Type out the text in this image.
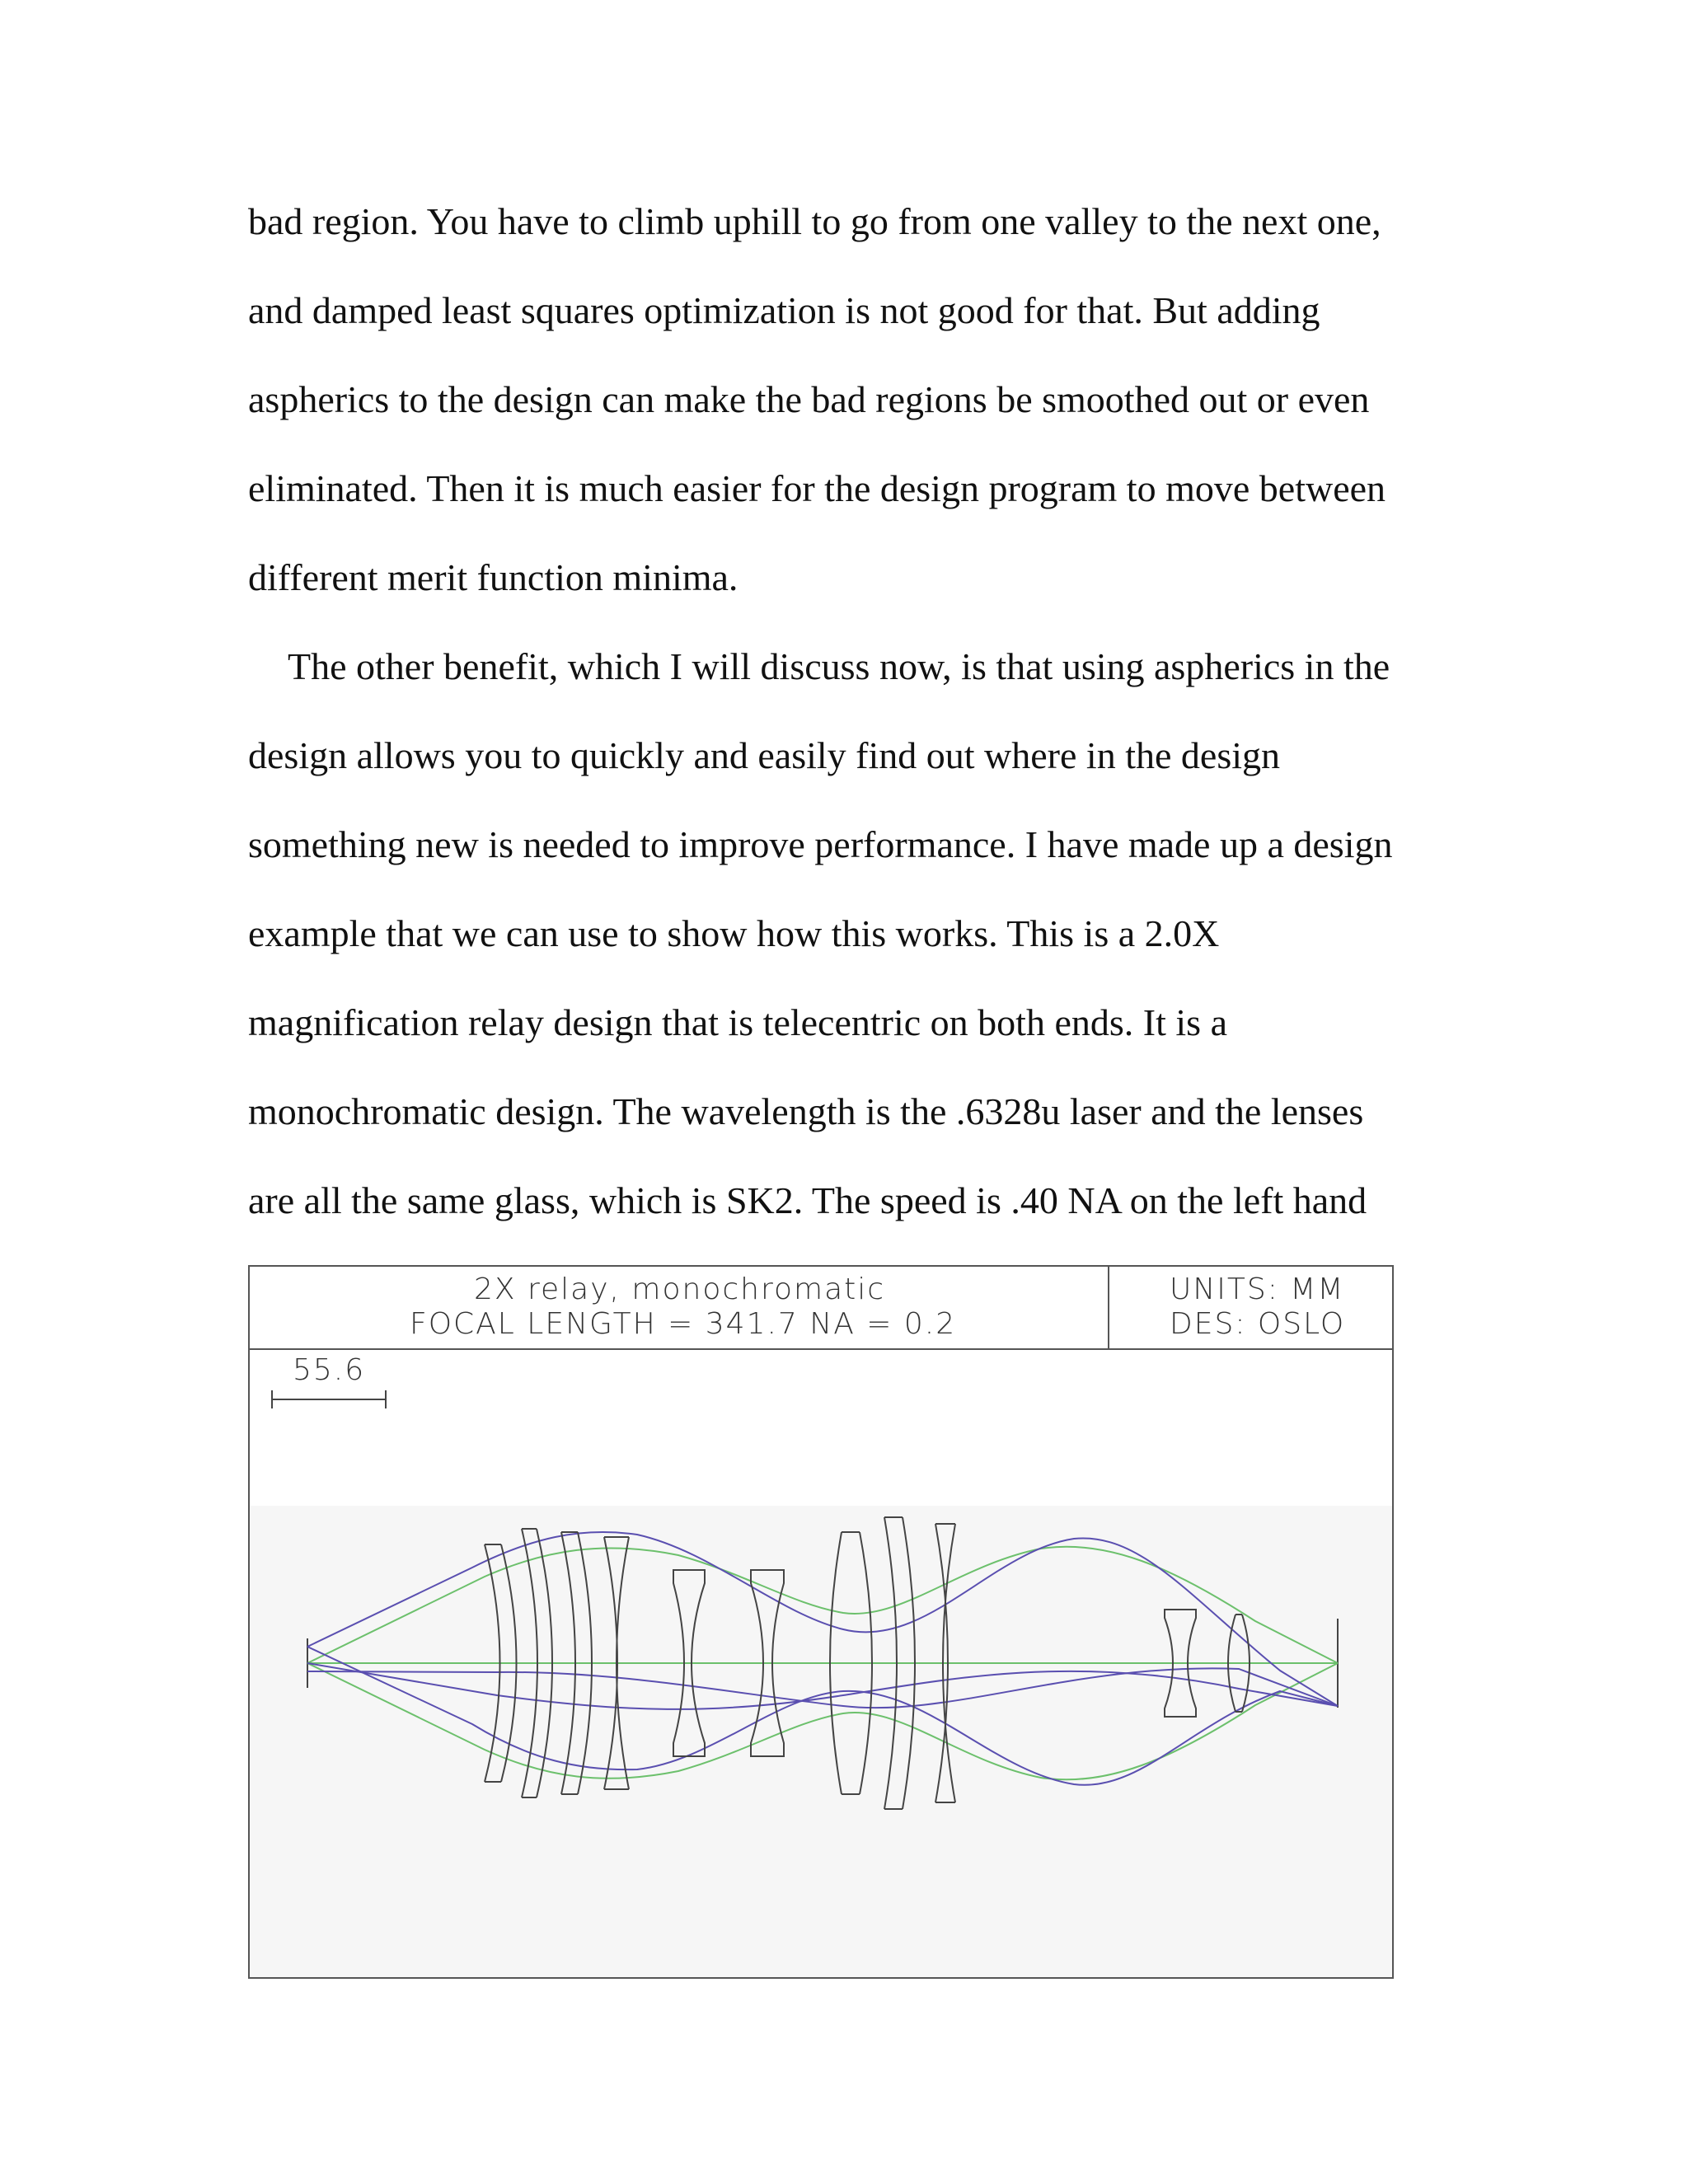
bad region. You have to climb uphill to go from one valley to the next one,
and damped least squares optimization is not good for that. But adding
aspherics to the design can make the bad regions be smoothed out or even
eliminated. Then it is much easier for the design program to move between
different merit function minima.
The other benefit, which I will discuss now, is that using aspherics in the
design allows you to quickly and easily find out where in the design
something new is needed to improve performance. I have made up a design
example that we can use to show how this works. This is a 2.0X
magnification relay design that is telecentric on both ends. It is a
monochromatic design. The wavelength is the .6328u laser and the lenses
are all the same glass, which is SK2. The speed is .40 NA on the left hand
2X relay, monochromatic
FOCAL LENGTH = 341.7 NA = 0.2
UNITS: MM
DES: OSLO
55.6
